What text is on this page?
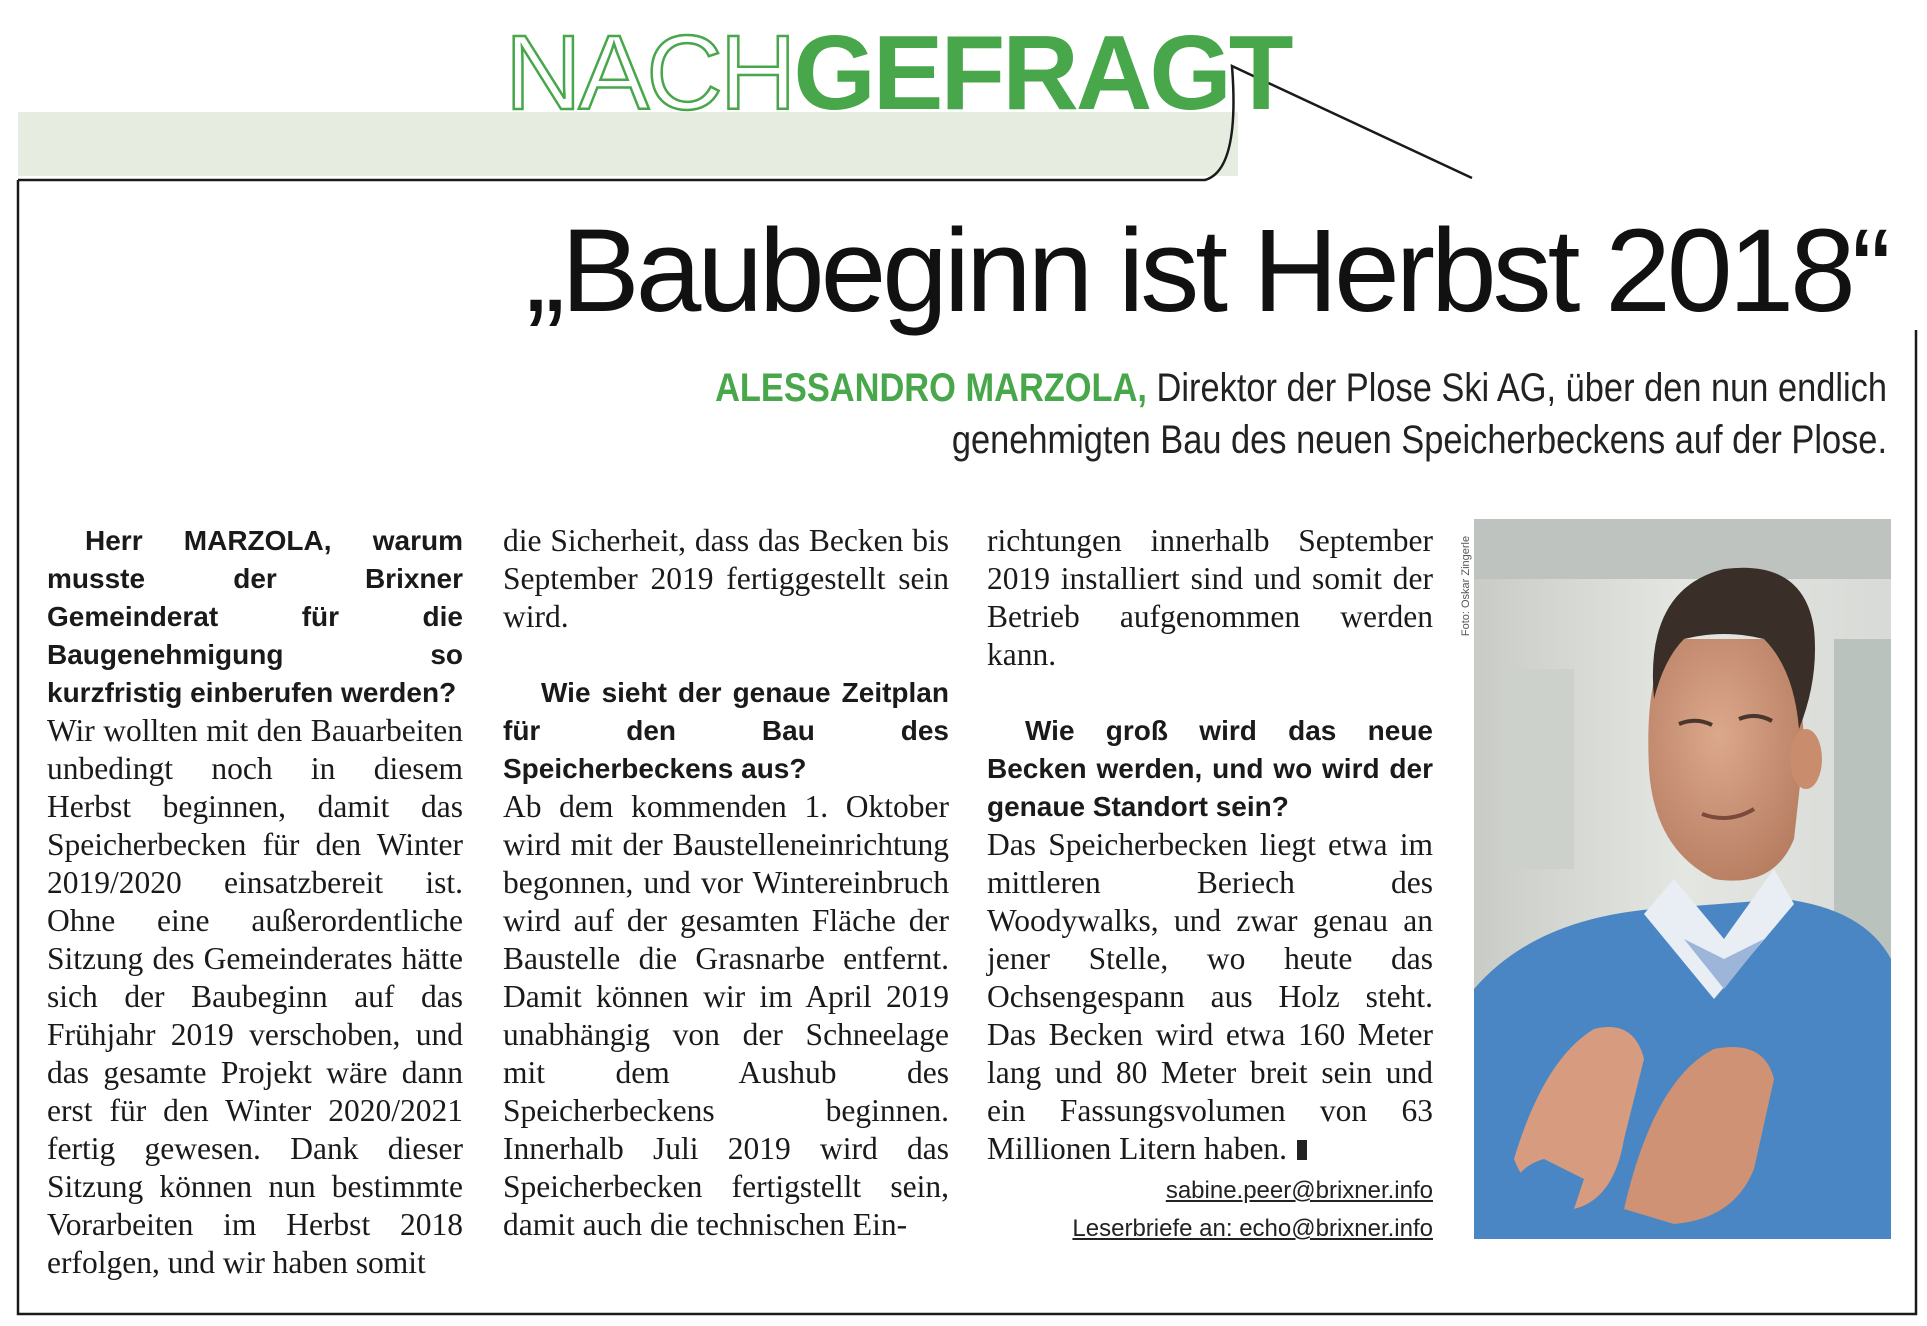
NACHGEFRAGT
„Baubeginn ist Herbst 2018“
ALESSANDRO MARZOLA, Direktor der Plose Ski AG, über den nun endlich genehmigten Bau des neuen Speicherbeckens auf der Plose.

Herr MARZOLA, warum musste der Brixner Gemeinderat für die Baugenehmigung so kurzfristig einberufen werden?

Wir wollten mit den Bauarbeiten unbedingt noch in diesem Herbst beginnen, damit das Speicherbecken für den Winter 2019/2020 einsatzbereit ist. Ohne eine außerordentliche Sitzung des Gemeinderates hätte sich der Baubeginn auf das Frühjahr 2019 verschoben, und das gesamte Projekt wäre dann erst für den Winter 2020/2021 fertig gewesen. Dank dieser Sitzung können nun bestimmte Vorarbeiten im Herbst 2018 erfolgen, und wir haben somit

die Sicherheit, dass das Becken bis September 2019 fertiggestellt sein wird.

Wie sieht der genaue Zeitplan für den Bau des Speicherbeckens aus?

Ab dem kommenden 1. Oktober wird mit der Baustelleneinrichtung begonnen, und vor Wintereinbruch wird auf der gesamten Fläche der Baustelle die Grasnarbe entfernt. Damit können wir im April 2019 unabhängig von der Schneelage mit dem Aushub des Speicherbeckens beginnen. Innerhalb Juli 2019 wird das Speicherbecken fertigstellt sein, damit auch die technischen Ein-

richtungen innerhalb September 2019 installiert sind und somit der Betrieb aufgenommen werden kann.

Wie groß wird das neue Becken werden, und wo wird der genaue Standort sein?

Das Speicherbecken liegt etwa im mittleren Beriech des Woodywalks, und zwar genau an jener Stelle, wo heute das Ochsengespann aus Holz steht. Das Becken wird etwa 160 Meter lang und 80 Meter breit sein und ein Fassungsvolumen von 63 Millionen Litern haben.

sabine.peer@brixner.info
Leserbriefe an: echo@brixner.info
Foto: Oskar Zingerle
